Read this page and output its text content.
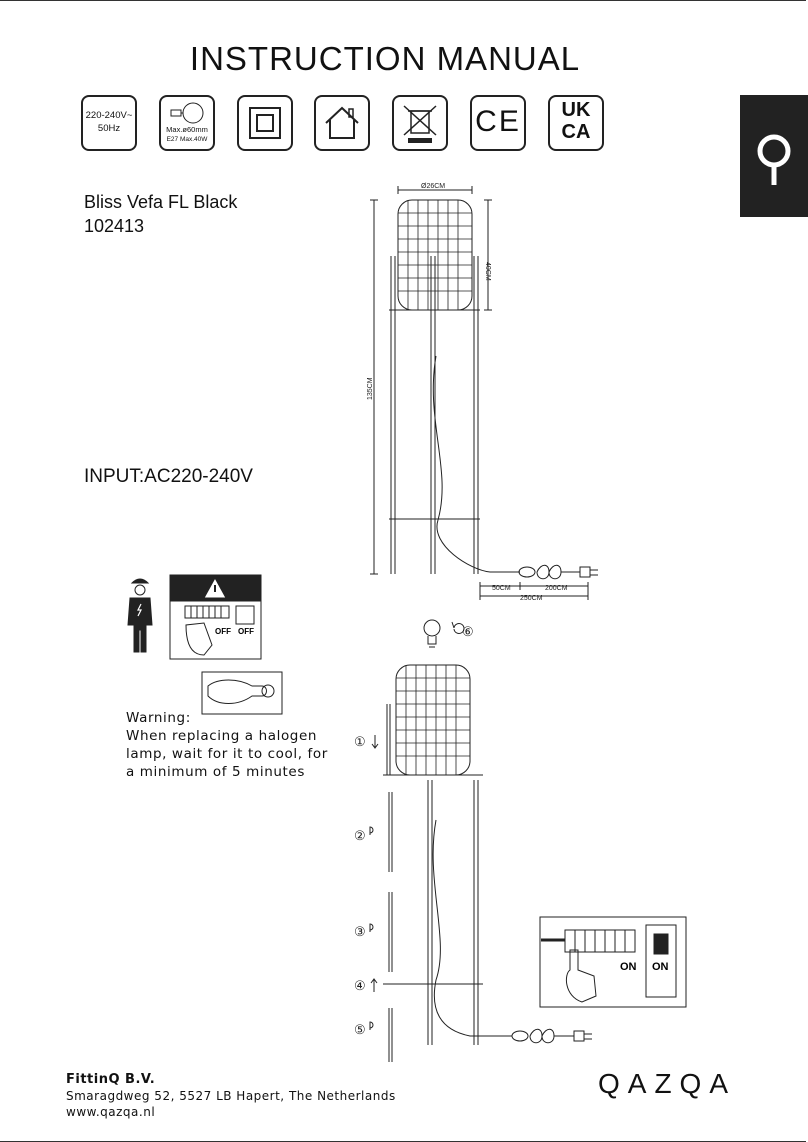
INSTRUCTION MANUAL
220-240V~
50Hz	Max.ø60mm
E27 Max.40W
CE	UK
CA
Bliss Vefa FL Black
102413
INPUT:AC220-240V
Ø26CM
40CM
135CM
50CM	200CM
250CM
OFF OFF	⑥
①
②
③
④
⑤
ON ON
Warning:
When replacing a halogen
lamp, wait for it to cool, for
a minimum of 5 minutes
FittinQ B.V.
Smaragdweg 52, 5527 LB Hapert, The Netherlands
www.qazqa.nl
QAZQA
